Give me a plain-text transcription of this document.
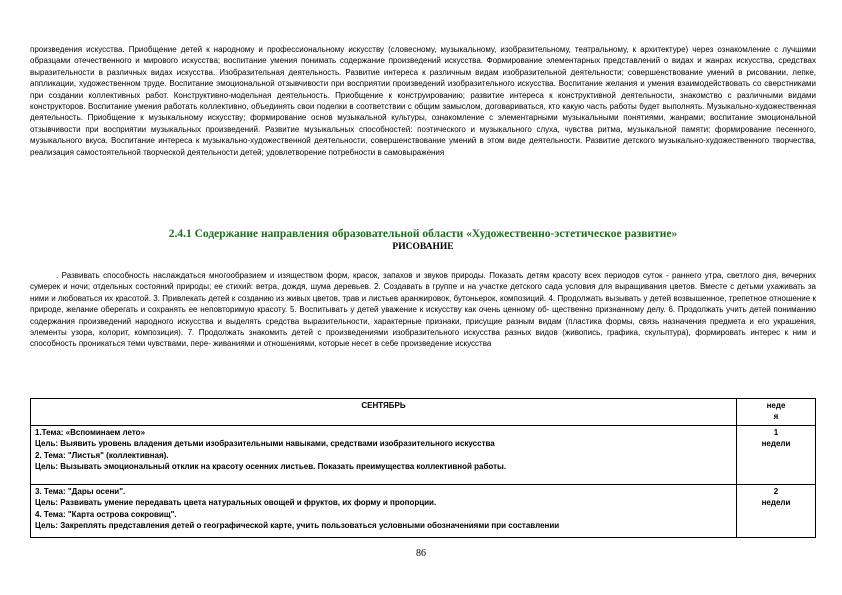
произведения искусства. Приобщение детей к народному и профессиональному искусству (словесному, музыкальному, изобразительному, театральному, к архитектуре) через ознакомление с лучшими образцами отечественного и мирового искусства; воспитание умения понимать содержание произведений искусства. Формирование элементарных представлений о видах и жанрах искусства, средствах выразительности в различных видах искусства. Изобразительная деятельность. Развитие интереса к различным видам изобразительной деятельности; совершенствование умений в рисовании, лепке, аппликации, художественном труде. Воспитание эмоциональной отзывчивости при восприятии произведений изобразительного искусства. Воспитание желания и умения взаимодействовать со сверстниками при создании коллективных работ. Конструктивно-модельная деятельность. Приобщение к конструированию; развитие интереса к конструктивной деятельности, знакомство с различными видами конструкторов. Воспитание умения работать коллективно, объединять свои поделки в соответствии с общим замыслом, договариваться, кто какую часть работы будет выполнять. Музыкально-художественная деятельность. Приобщение к музыкальному искусству; формирование основ музыкальной культуры, ознакомление с элементарными музыкальными понятиями, жанрами; воспитание эмоциональной отзывчивости при восприятии музыкальных произведений. Развитие музыкальных способностей: поэтического и музыкального слуха, чувства ритма, музыкальной памяти; формирование песенного, музыкального вкуса. Воспитание интереса к музыкально-художественной деятельности, совершенствование умений в этом виде деятельности. Развитие детского музыкально-художественного творчества, реализация самостоятельной творческой деятельности детей; удовлетворение потребности в самовыражения

2.4.1 Содержание направления образовательной области «Художественно-эстетическое развитие»
РИСОВАНИЕ

. Развивать способность наслаждаться многообразием и изяществом форм, красок, запахов и звуков природы. Показать детям красоту всех периодов суток - раннего утра, светлого дня, вечерних сумерек и ночи; отдельных состояний природы; ее стихий: ветра, дождя, шума деревьев. 2. Создавать в группе и на участке детского сада условия для выращивания цветов. Вместе с детьми ухаживать за ними и любоваться их красотой. 3. Привлекать детей к созданию из живых цветов, трав и листьев аранжировок, бутоньерок, композиций. 4. Продолжать вызывать у детей возвышенное, трепетное отношение к природе, желание оберегать и сохранять ее неповторимую красоту. 5. Воспитывать у детей уважение к искусству как очень ценному об- щественно признанному делу. 6. Продолжать учить детей пониманию содержания произведений народного искусства и выделять средства выразительности, характерные признаки, присущие разным видам (пластика формы, связь назначения предмета и его украшения, элементы узора, колорит, композиция). 7. Продолжать знакомить детей с произведениями изобразительного искусства разных видов (живопись, графика, скульптура), формировать интерес к ним и способность проникаться теми чувствами, пере- живаниями и отношениями, которые несет в себе произведение искусства

СЕНТЯБРЬ	неде
я

1.Тема: «Вспоминаем лето»
Цель: Выявить уровень владения детьми изобразительными навыками, средствами изобразительного искусства
2. Тема: "Листья" (коллективная).
Цель: Вызывать эмоциональный отклик на красоту осенних листьев. Показать преимущества коллективной работы.	1
недели

3. Тема: "Дары осени".
Цель: Развивать умение передавать цвета натуральных овощей и фруктов, их форму и пропорции.
4. Тема: "Карта острова сокровищ".
Цель: Закреплять представления детей о географической карте, учить пользоваться условными обозначениями при составлении	2
недели
86
